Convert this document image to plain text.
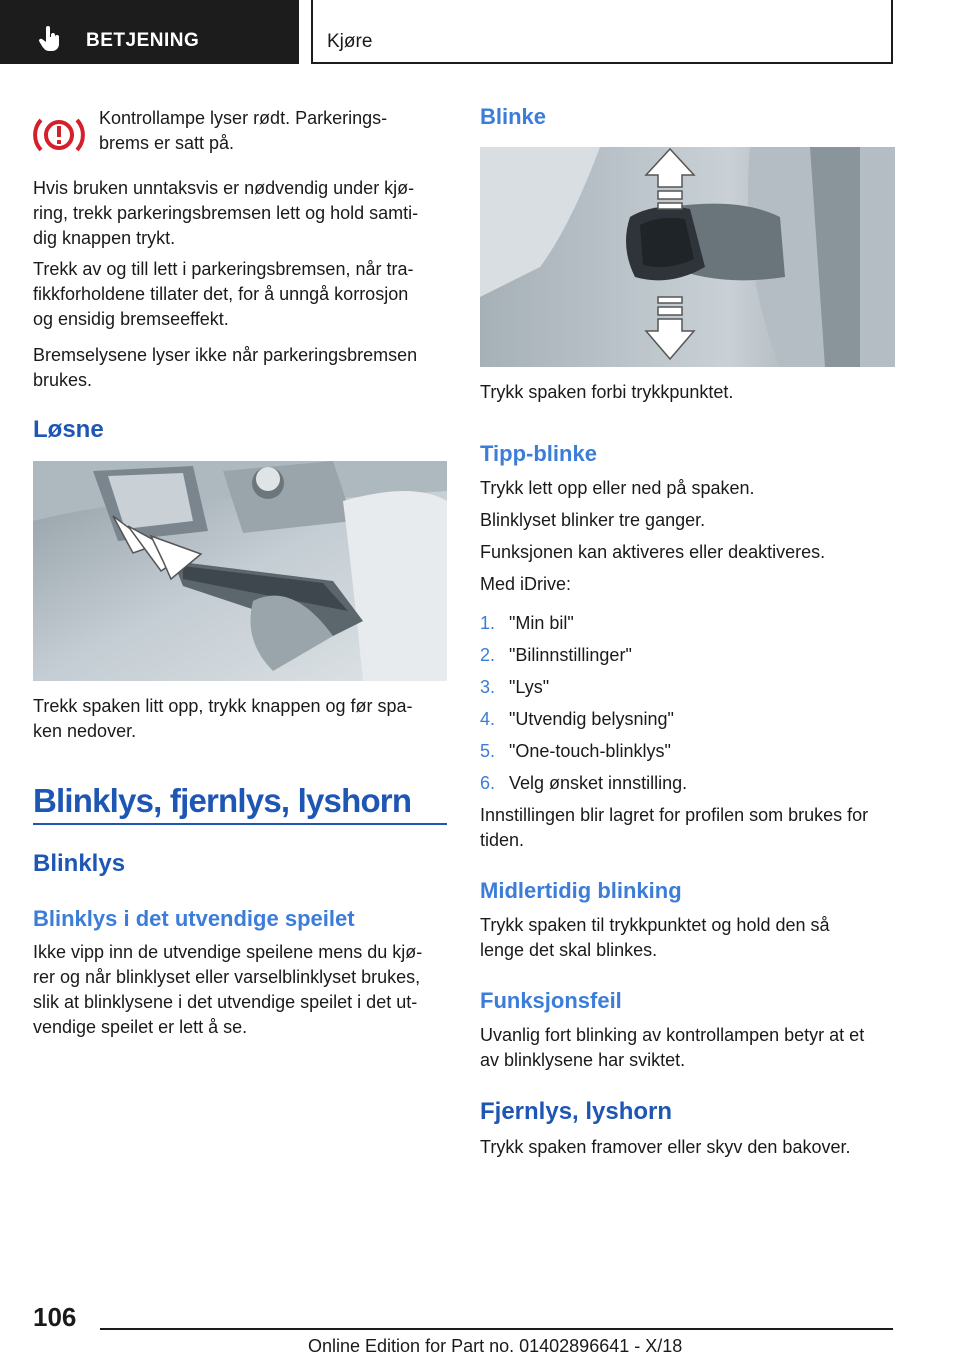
BETJENING	Kjøre

Kontrollampe lyser rødt. Parkerings-
brems er satt på.

Hvis bruken unntaksvis er nødvendig under kjø-
ring, trekk parkeringsbremsen lett og hold samti-
dig knappen trykt.

Trekk av og till lett i parkeringsbremsen, når tra-
fikkforholdene tillater det, for å unngå korrosjon
og ensidig bremseeffekt.

Bremselysene lyser ikke når parkeringsbremsen
brukes.

Løsne

Trekk spaken litt opp, trykk knappen og før spa-
ken nedover.

Blinklys, fjernlys, lyshorn
Blinklys
Blinklys i det utvendige speilet

Ikke vipp inn de utvendige speilene mens du kjø-
rer og når blinklyset eller varselblinklyset brukes,
slik at blinklysene i det utvendige speilet i det ut-
vendige speilet er lett å se.

Blinke

Trykk spaken forbi trykkpunktet.

Tipp-blinke

Trykk lett opp eller ned på spaken.

Blinklyset blinker tre ganger.

Funksjonen kan aktiveres eller deaktiveres.

Med iDrive:

1. "Min bil"
2. "Bilinnstillinger"
3. "Lys"
4. "Utvendig belysning"
5. "One-touch-blinklys"
6. Velg ønsket innstilling.

Innstillingen blir lagret for profilen som brukes for
tiden.

Midlertidig blinking

Trykk spaken til trykkpunktet og hold den så
lenge det skal blinkes.

Funksjonsfeil

Uvanlig fort blinking av kontrollampen betyr at et
av blinklysene har sviktet.

Fjernlys, lyshorn

Trykk spaken framover eller skyv den bakover.

106
Online Edition for Part no. 01402896641 - X/18
